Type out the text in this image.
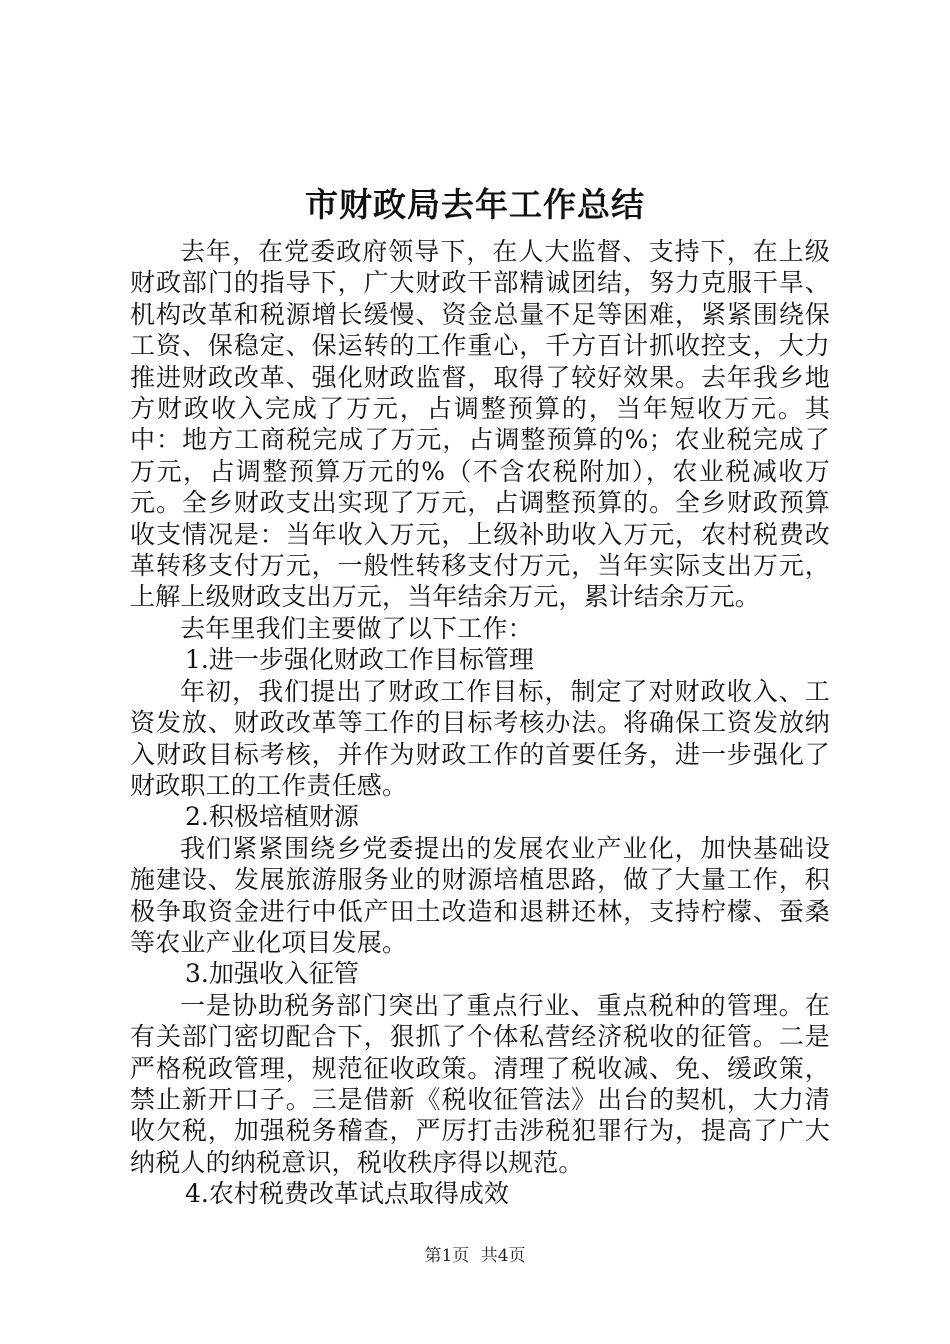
市财政局去年工作总结

去年，在党委政府领导下，在人大监督、支持下，在上级财政部门的指导下，广大财政干部精诚团结，努力克服干旱、机构改革和税源增长缓慢、资金总量不足等困难，紧紧围绕保工资、保稳定、保运转的工作重心，千方百计抓收控支，大力推进财政改革、强化财政监督，取得了较好效果。去年我乡地方财政收入完成了万元，占调整预算的，当年短收万元。其中：地方工商税完成了万元，占调整预算的%；农业税完成了万元，占调整预算万元的%（不含农税附加），农业税减收万元。全乡财政支出实现了万元，占调整预算的。全乡财政预算收支情况是：当年收入万元，上级补助收入万元，农村税费改革转移支付万元，一般性转移支付万元，当年实际支出万元，上解上级财政支出万元，当年结余万元，累计结余万元。

去年里我们主要做了以下工作：

1.进一步强化财政工作目标管理

年初，我们提出了财政工作目标，制定了对财政收入、工资发放、财政改革等工作的目标考核办法。将确保工资发放纳入财政目标考核，并作为财政工作的首要任务，进一步强化了财政职工的工作责任感。

2.积极培植财源

我们紧紧围绕乡党委提出的发展农业产业化，加快基础设施建设、发展旅游服务业的财源培植思路，做了大量工作，积极争取资金进行中低产田土改造和退耕还林，支持柠檬、蚕桑等农业产业化项目发展。

3.加强收入征管

一是协助税务部门突出了重点行业、重点税种的管理。在有关部门密切配合下，狠抓了个体私营经济税收的征管。二是严格税政管理，规范征收政策。清理了税收减、免、缓政策，禁止新开口子。三是借新《税收征管法》出台的契机，大力清收欠税，加强税务稽查，严厉打击涉税犯罪行为，提高了广大纳税人的纳税意识，税收秩序得以规范。

4.农村税费改革试点取得成效

第1页 共4页
